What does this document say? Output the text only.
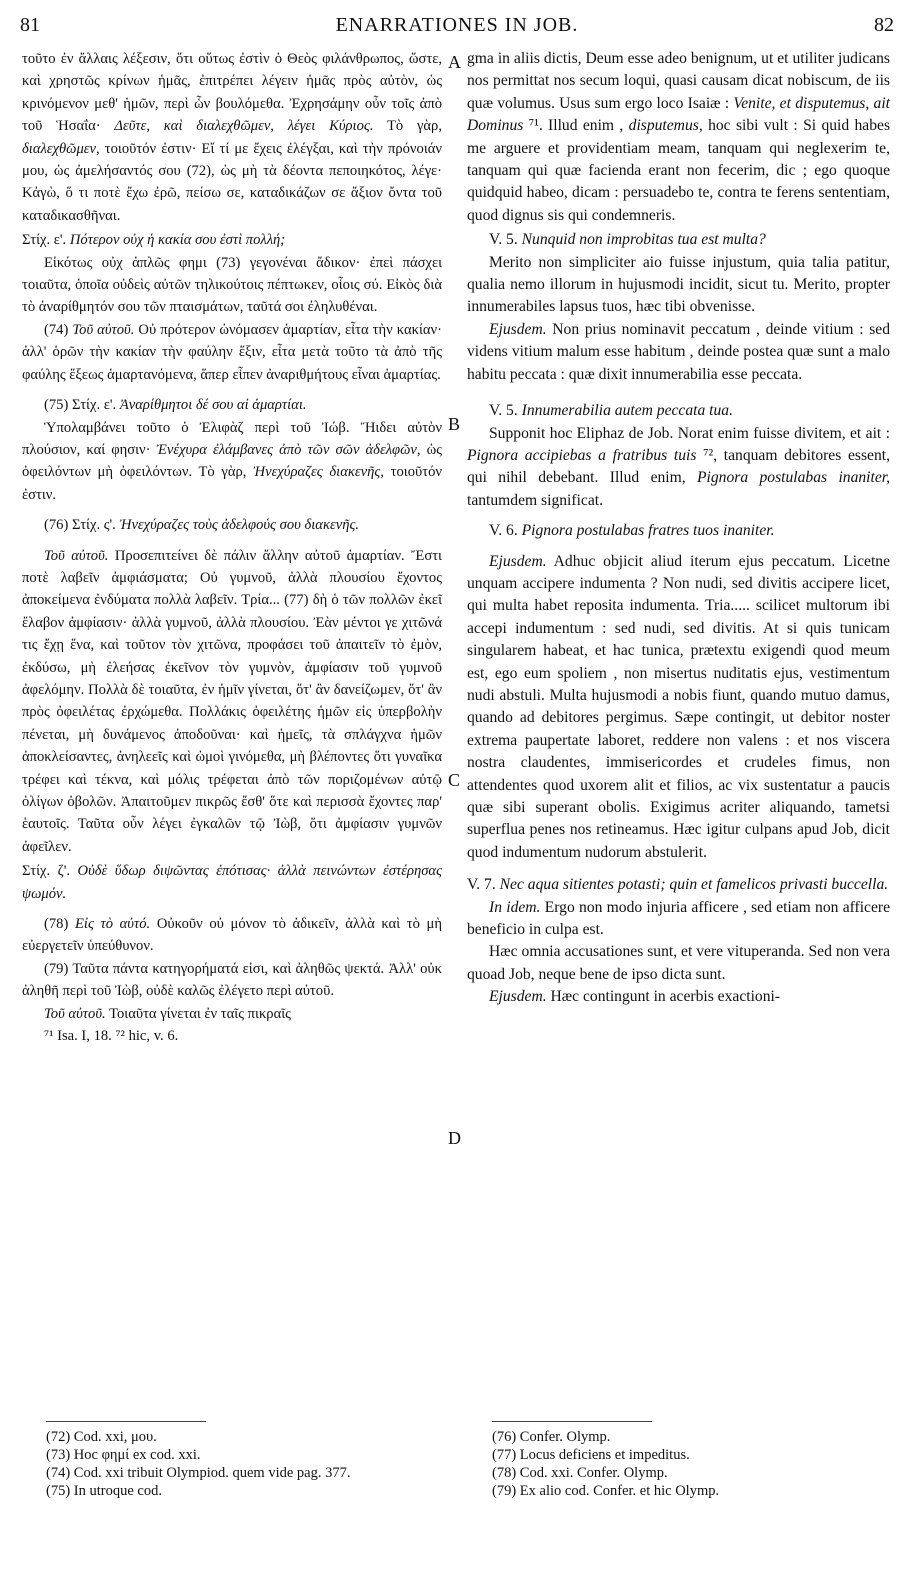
81	ENARRATIONES IN JOB.	82
A
B
C
D

τοῦτο ἐν ἄλλαις λέξεσιν, ὅτι οὕτως ἐστὶν ὁ Θεὸς φιλάνθρωπος, ὥστε, καὶ χρηστῶς κρίνων ἡμᾶς, ἐπιτρέπει λέγειν ἡμᾶς πρὸς αὐτὸν, ὡς κρινόμενον μεθ' ἡμῶν, περὶ ὧν βουλόμεθα. Ἐχρησάμην οὖν τοῖς ἀπὸ τοῦ Ἡσαΐα· Δεῦτε, καὶ διαλεχθῶμεν, λέγει Κύριος. Τὸ γὰρ, διαλεχθῶμεν, τοιοῦτόν ἐστιν· Εἴ τί με ἔχεις ἐλέγξαι, καὶ τὴν πρόνοιάν μου, ὡς ἀμελήσαντός σου (72), ὡς μὴ τὰ δέοντα πεποιηκότος, λέγε· Κἀγὼ, ὅ τι ποτὲ ἔχω ἐρῶ, πείσω σε, καταδικάζων σε ἄξιον ὄντα τοῦ καταδικασθῆναι.

Στίχ. ε'. Πότερον οὐχ ἡ κακία σου ἐστὶ πολλή;

Εἰκότως οὐχ ἁπλῶς φημι (73) γεγονέναι ἄδικον· ἐπεὶ πάσχει τοιαῦτα, ὁποῖα οὐδεὶς αὐτῶν τηλικούτοις πέπτωκεν, οἷοις σύ. Εἰκὸς διὰ τὸ ἀναρίθμητόν σου τῶν πταισμάτων, ταῦτά σοι ἐληλυθέναι.

(74) Τοῦ αὐτοῦ. Οὐ πρότερον ὠνόμασεν ἁμαρτίαν, εἶτα τὴν κακίαν· ἀλλ' ὁρῶν τὴν κακίαν τὴν φαύλην ἕξιν, εἶτα μετὰ τοῦτο τὰ ἀπὸ τῆς φαύλης ἕξεως ἁμαρτανόμενα, ἅπερ εἶπεν ἀναριθμήτους εἶναι ἁμαρτίας.

(75) Στίχ. ε'. Ἀναρίθμητοι δέ σου αἱ ἁμαρτίαι.

Ὑπολαμβάνει τοῦτο ὁ Ἐλιφὰζ περὶ τοῦ Ἰώβ. Ἤιδει αὐτὸν πλούσιον, καί φησιν· Ἐνέχυρα ἐλάμβανες ἀπὸ τῶν σῶν ἀδελφῶν, ὡς ὀφειλόντων μὴ ὀφειλόντων. Τὸ γὰρ, Ἠνεχύραζες διακενῆς, τοιοῦτόν ἐστιν.

(76) Στίχ. ς'. Ἠνεχύραζες τοὺς ἀδελφούς σου διακενῆς.

Τοῦ αὐτοῦ. Προσεπιτείνει δὲ πάλιν ἄλλην αὐτοῦ ἁμαρτίαν. Ἔστι ποτὲ λαβεῖν ἀμφιάσματα; Οὐ γυμνοῦ, ἀλλὰ πλουσίου ἔχοντος ἀποκείμενα ἐνδύματα πολλὰ λαβεῖν. Τρία... (77) δὴ ὁ τῶν πολλῶν ἐκεῖ ἔλαβον ἀμφίασιν· ἀλλὰ γυμνοῦ, ἀλλὰ πλουσίου. Ἐὰν μέντοι γε χιτῶνά τις ἔχῃ ἕνα, καὶ τοῦτον τὸν χιτῶνα, προφάσει τοῦ ἀπαιτεῖν τὸ ἐμὸν, ἐκδύσω, μὴ ἐλεήσας ἐκεῖνον τὸν γυμνὸν, ἀμφίασιν τοῦ γυμνοῦ ἀφελόμην. Πολλὰ δὲ τοιαῦτα, ἐν ἡμῖν γίνεται, ὅτ' ἂν δανείζωμεν, ὅτ' ἂν πρὸς ὀφειλέτας ἐρχώμεθα. Πολλάκις ὀφειλέτης ἡμῶν εἰς ὑπερβολὴν πένεται, μὴ δυνάμενος ἀποδοῦναι· καὶ ἡμεῖς, τὰ σπλάγχνα ἡμῶν ἀποκλείσαντες, ἀνηλεεῖς καὶ ὠμοὶ γινόμεθα, μὴ βλέποντες ὅτι γυναῖκα τρέφει καὶ τέκνα, καὶ μόλις τρέφεται ἀπὸ τῶν ποριζομένων αὐτῷ ὀλίγων ὀβολῶν. Ἀπαιτοῦμεν πικρῶς ἔσθ' ὅτε καὶ περισσὰ ἔχοντες παρ' ἑαυτοῖς. Ταῦτα οὖν λέγει ἐγκαλῶν τῷ Ἰὼβ, ὅτι ἀμφίασιν γυμνῶν ἀφεῖλεν.

Στίχ. ζ'. Οὐδὲ ὕδωρ διψῶντας ἐπότισας· ἀλλὰ πεινώντων ἐστέρησας ψωμόν.

(78) Εἰς τὸ αὐτό. Οὐκοῦν οὐ μόνον τὸ ἀδικεῖν, ἀλλὰ καὶ τὸ μὴ εὐεργετεῖν ὑπεύθυνον.

(79) Ταῦτα πάντα κατηγορήματά εἰσι, καὶ ἀληθῶς ψεκτά. Ἀλλ' οὐκ ἀληθῆ περὶ τοῦ Ἰὼβ, οὐδὲ καλῶς ἐλέγετο περὶ αὐτοῦ.

Τοῦ αὐτοῦ. Τοιαῦτα γίνεται ἐν ταῖς πικραῖς

⁷¹ Isa. I, 18. ⁷² hic, v. 6.

gma in aliis dictis, Deum esse adeo benignum, ut et utiliter judicans nos permittat nos secum loqui, quasi causam dicat nobiscum, de iis quæ volumus. Usus sum ergo loco Isaiæ : Venite, et disputemus, ait Dominus ⁷¹. Illud enim , disputemus, hoc sibi vult : Si quid habes me arguere et providentiam meam, tanquam qui neglexerim te, tanquam qui quæ facienda erant non fecerim, dic ; ego quoque quidquid habeo, dicam : persuadebo te, contra te ferens sententiam, quod dignus sis qui condemneris.

V. 5. Nunquid non improbitas tua est multa?

Merito non simpliciter aio fuisse injustum, quia talia patitur, qualia nemo illorum in hujusmodi incidit, sicut tu. Merito, propter innumerabiles lapsus tuos, hæc tibi obvenisse.

Ejusdem. Non prius nominavit peccatum , deinde vitium : sed videns vitium malum esse habitum , deinde postea quæ sunt a malo habitu peccata : quæ dixit innumerabilia esse peccata.

V. 5. Innumerabilia autem peccata tua.

Supponit hoc Eliphaz de Job. Norat enim fuisse divitem, et ait : Pignora accipiebas a fratribus tuis ⁷², tanquam debitores essent, qui nihil debebant. Illud enim, Pignora postulabas inaniter, tantumdem significat.

V. 6. Pignora postulabas fratres tuos inaniter.

Ejusdem. Adhuc objicit aliud iterum ejus peccatum. Licetne unquam accipere indumenta ? Non nudi, sed divitis accipere licet, qui multa habet reposita indumenta. Tria..... scilicet multorum ibi accepi indumentum : sed nudi, sed divitis. At si quis tunicam singularem habeat, et hac tunica, prætextu exigendi quod meum est, ego eum spoliem , non misertus nuditatis ejus, vestimentum nudi abstuli. Multa hujusmodi a nobis fiunt, quando mutuo damus, quando ad debitores pergimus. Sæpe contingit, ut debitor noster extrema paupertate laboret, reddere non valens : et nos viscera nostra claudentes, immisericordes et crudeles fimus, non attendentes quod uxorem alit et filios, ac vix sustentatur a paucis quæ sibi superant obolis. Exigimus acriter aliquando, tametsi superflua penes nos retineamus. Hæc igitur culpans apud Job, dicit quod indumentum nudorum abstulerit.

V. 7. Nec aqua sitientes potasti; quin et famelicos privasti buccella.

In idem. Ergo non modo injuria afficere , sed etiam non afficere beneficio in culpa est.

Hæc omnia accusationes sunt, et vere vituperanda. Sed non vera quoad Job, neque bene de ipso dicta sunt.

Ejusdem. Hæc contingunt in acerbis exactioni-

(72) Cod. xxi, μου.

(73) Hoc φημί ex cod. xxi.

(74) Cod. xxi tribuit Olympiod. quem vide pag. 377.

(75) In utroque cod.

(76) Confer. Olymp.

(77) Locus deficiens et impeditus.

(78) Cod. xxi. Confer. Olymp.

(79) Ex alio cod. Confer. et hic Olymp.
